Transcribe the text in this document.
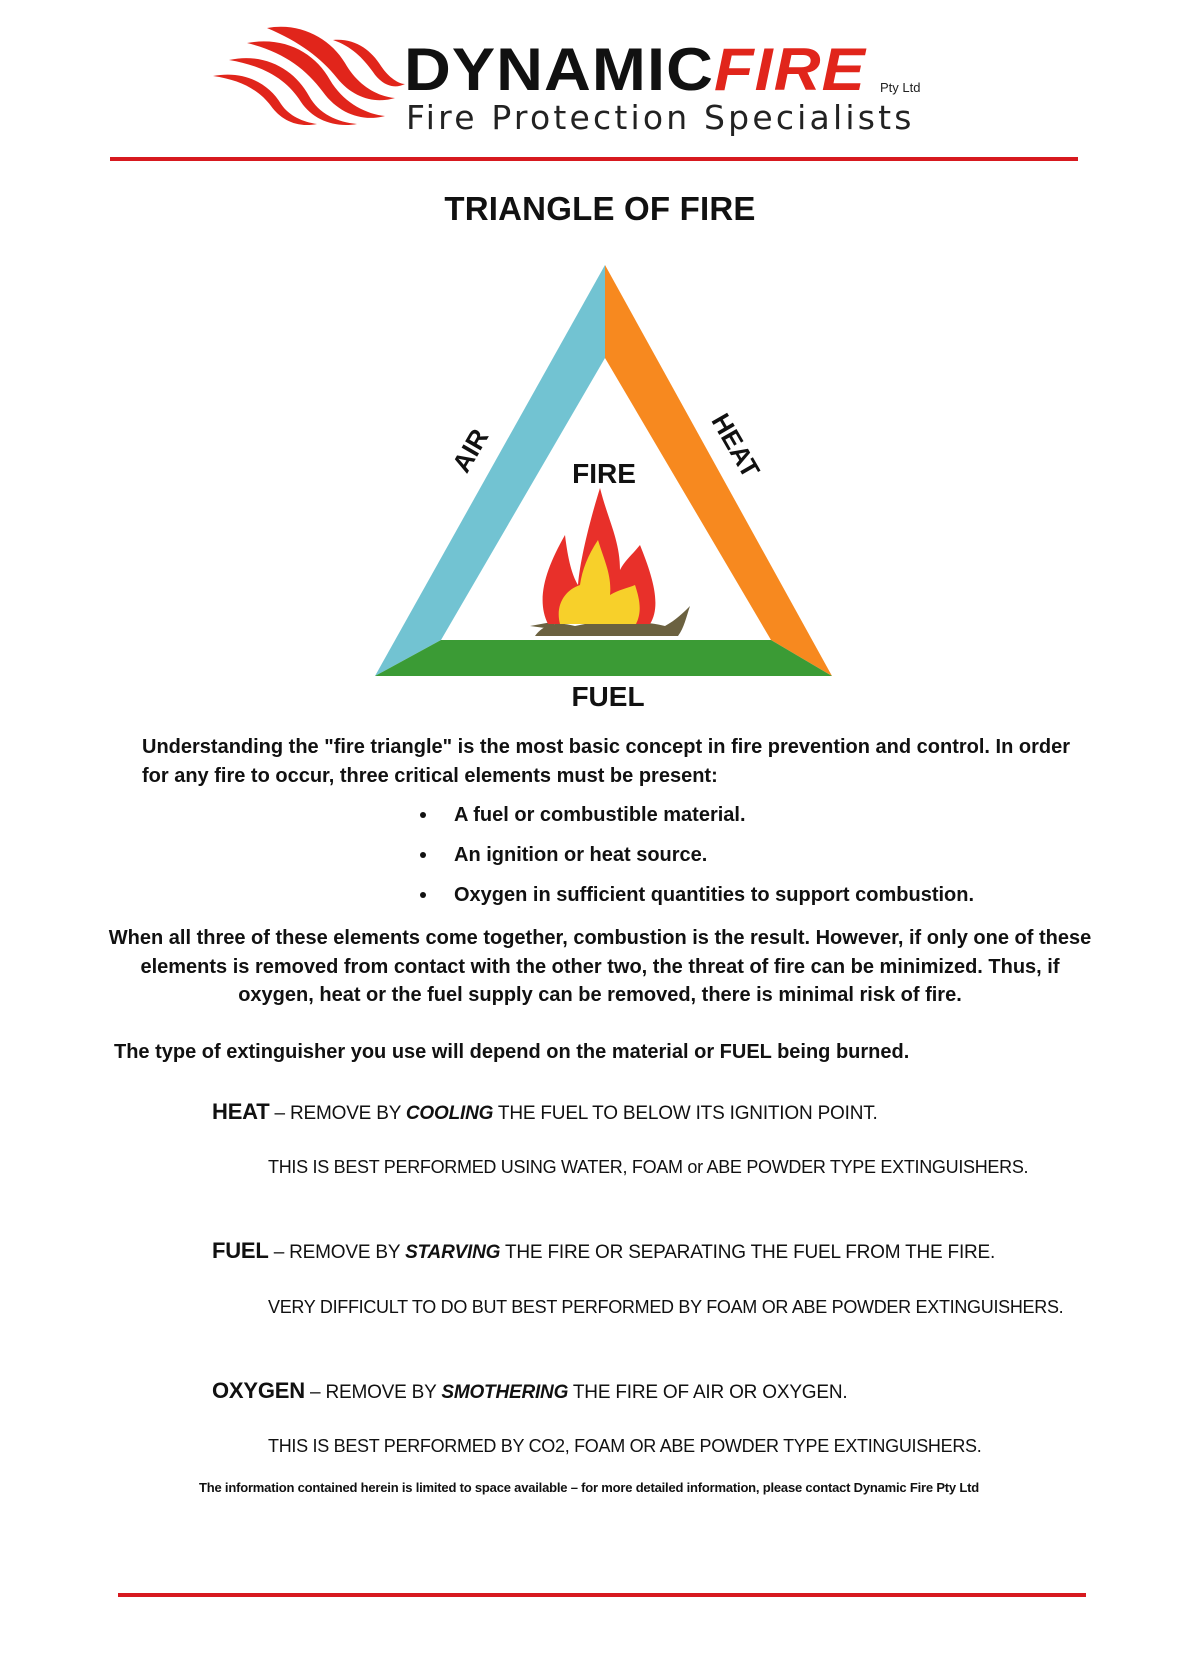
DYNAMICFIRE Pty Ltd
Fire Protection Specialists
TRIANGLE OF FIRE
AIR	HEAT
FIRE
FUEL
Understanding the "fire triangle" is the most basic concept in fire prevention and control. In order for any fire to occur, three critical elements must be present:
A fuel or combustible material.
An ignition or heat source.
Oxygen in sufficient quantities to support combustion.
When all three of these elements come together, combustion is the result. However, if only one of these elements is removed from contact with the other two, the threat of fire can be minimized. Thus, if oxygen, heat or the fuel supply can be removed, there is minimal risk of fire.
The type of extinguisher you use will depend on the material or FUEL being burned.
HEAT – REMOVE BY COOLING THE FUEL TO BELOW ITS IGNITION POINT.
THIS IS BEST PERFORMED USING WATER, FOAM or ABE POWDER TYPE EXTINGUISHERS.
FUEL – REMOVE BY STARVING THE FIRE OR SEPARATING THE FUEL FROM THE FIRE.
VERY DIFFICULT TO DO BUT BEST PERFORMED BY FOAM OR ABE POWDER EXTINGUISHERS.
OXYGEN – REMOVE BY SMOTHERING THE FIRE OF AIR OR OXYGEN.
THIS IS BEST PERFORMED BY CO2, FOAM OR ABE POWDER TYPE EXTINGUISHERS.
The information contained herein is limited to space available – for more detailed information, please contact Dynamic Fire Pty Ltd
